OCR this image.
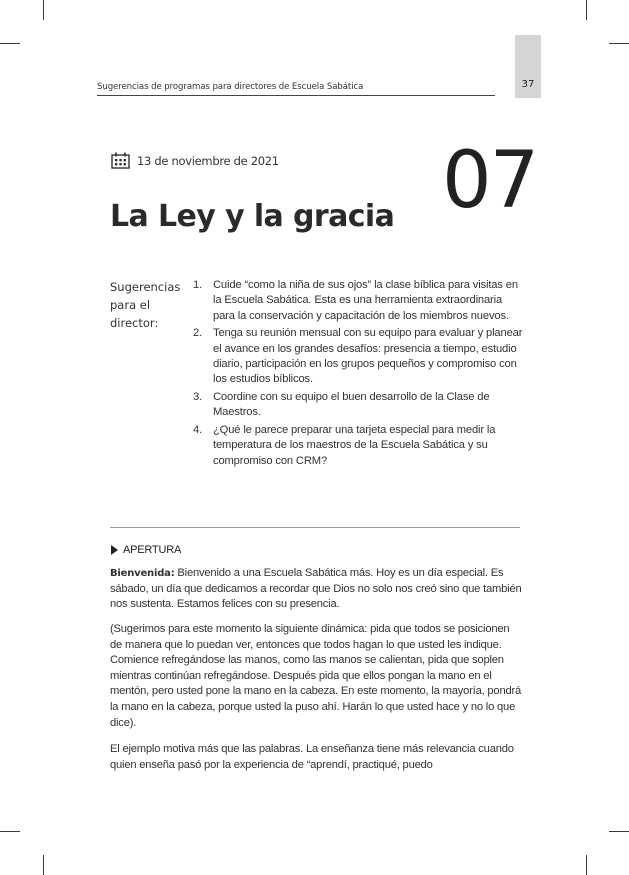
Sugerencias de programas para directores de Escuela Sabática	37
13 de noviembre de 2021 07
La Ley y la gracia
Sugerencias para el director:
1. Cuide “como la niña de sus ojos” la clase bíblica para visitas en la Escuela Sabática. Esta es una herramienta extraordinaria para la conservación y capacitación de los miembros nuevos.
2. Tenga su reunión mensual con su equipo para evaluar y planear el avance en los grandes desafíos: presencia a tiempo, estudio diario, participación en los grupos pequeños y compromiso con los estudios bíblicos.
3. Coordine con su equipo el buen desarrollo de la Clase de Maestros.
4. ¿Qué le parece preparar una tarjeta especial para medir la temperatura de los maestros de la Escuela Sabática y su compromiso con CRM?
APERTURA

Bienvenida: Bienvenido a una Escuela Sabática más. Hoy es un día especial. Es sábado, un día que dedicamos a recordar que Dios no solo nos creó sino que también nos sustenta. Estamos felices con su presencia.

(Sugerimos para este momento la siguiente dinámica: pida que todos se posicionen de manera que lo puedan ver, entonces que todos hagan lo que usted les indique. Comience refregándose las manos, como las manos se calientan, pida que soplen mientras continúan refregándose. Después pida que ellos pongan la mano en el mentón, pero usted pone la mano en la cabeza. En este momento, la mayoría, pondrá la mano en la cabeza, porque usted la puso ahí. Harán lo que usted hace y no lo que dice).

El ejemplo motiva más que las palabras. La enseñanza tiene más relevancia cuando quien enseña pasó por la experiencia de “aprendí, practiqué, puedo
